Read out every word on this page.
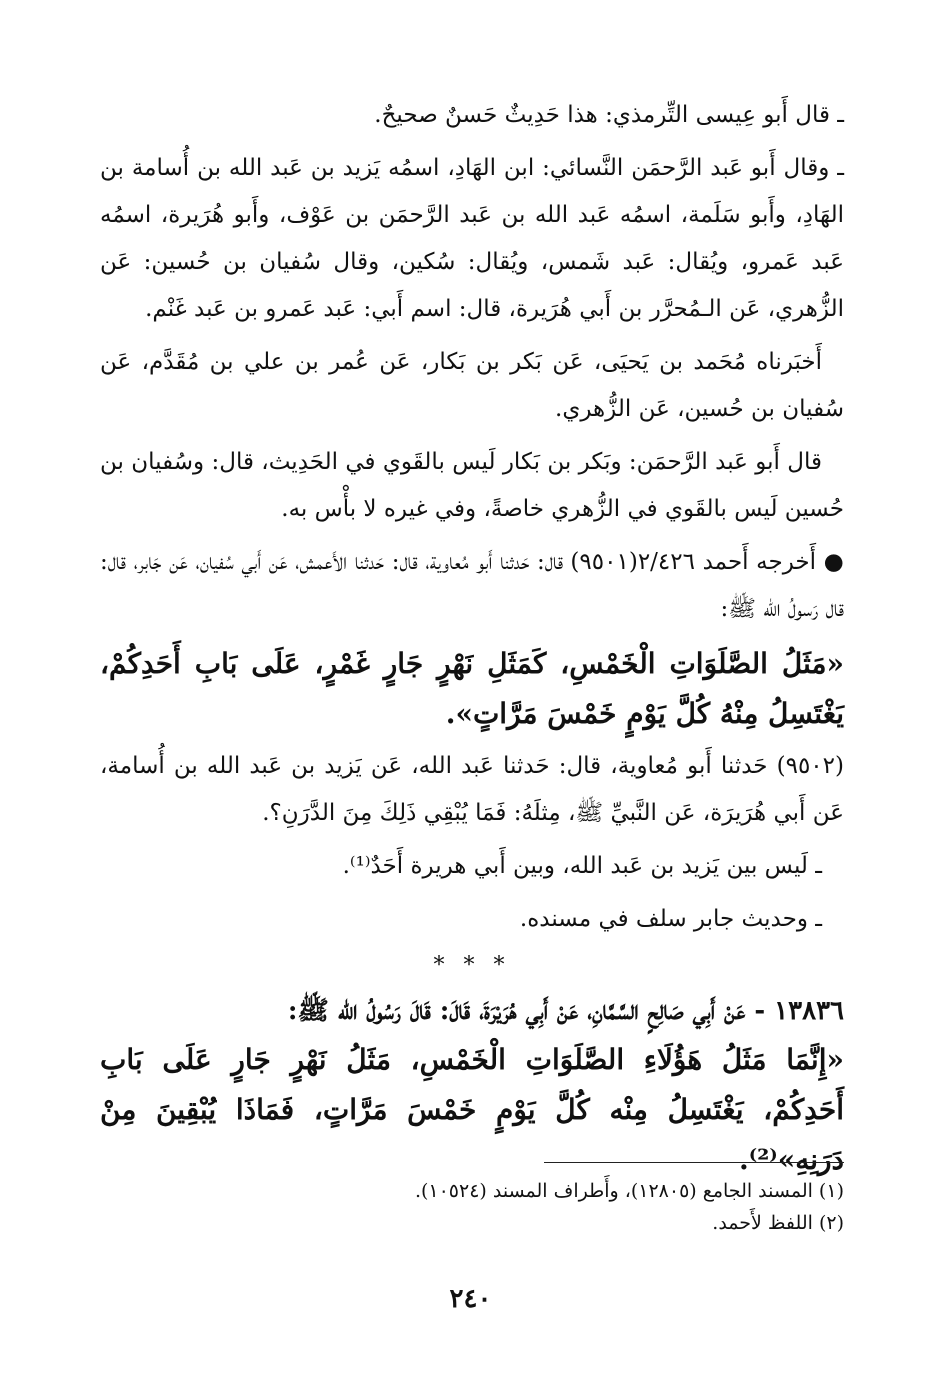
ـ قال أَبو عِيسى التِّرمذي: هذا حَدِيثٌ حَسنٌ صحيحٌ.

ـ وقال أَبو عَبد الرَّحمَن النَّسائي: ابن الهَادِ، اسمُه يَزيد بن عَبد الله بن أُسامة بن الهَادِ، وأَبو سَلَمة، اسمُه عَبد الله بن عَبد الرَّحمَن بن عَوْف، وأَبو هُرَيرة، اسمُه عَبد عَمرو، ويُقال: عَبد شَمس، ويُقال: سُكين، وقال سُفيان بن حُسين: عَن الزُّهري، عَن الـمُحرَّر بن أَبي هُرَيرة، قال: اسم أَبي: عَبد عَمرو بن عَبد غَنْم.

أَخبَرناه مُحَمد بن يَحيَى، عَن بَكر بن بَكار، عَن عُمر بن علي بن مُقَدَّم، عَن سُفيان بن حُسين، عَن الزُّهري.

قال أَبو عَبد الرَّحمَن: وبَكر بن بَكار لَيس بالقَوي في الحَدِيث، قال: وسُفيان بن حُسين لَيس بالقَوي في الزُّهري خاصةً، وفي غيره لا بأْس به.

● أَخرجه أَحمد ٢/٤٢٦(٩٥٠١) قال: حَدثنا أَبو مُعاوية، قال: حَدثنا الأَعمش، عَن أَبي سُفيان، عَن جَابر، قال: قال رَسولُ الله ﷺ:

«مَثَلُ الصَّلَوَاتِ الْخَمْسِ، كَمَثَلِ نَهْرٍ جَارٍ غَمْرٍ، عَلَى بَابِ أَحَدِكُمْ، يَغْتَسِلُ مِنْهُ كُلَّ يَوْمٍ خَمْسَ مَرَّاتٍ».

(٩٥٠٢) حَدثنا أَبو مُعاوية، قال: حَدثنا عَبد الله، عَن يَزيد بن عَبد الله بن أُسامة، عَن أَبي هُرَيرَة، عَن النَّبيِّ ﷺ، مِثلَهُ: فَمَا يُبْقِي ذَلِكَ مِنَ الدَّرَنِ؟.

ـ لَيس بين يَزيد بن عَبد الله، وبين أَبي هريرة أَحَدٌ⁽¹⁾.

ـ وحديث جابر سلف في مسنده.

* * *

١٣٨٣٦ - عَنْ أَبِي صَالِحٍ السَّمَّانِ، عَنْ أَبِي هُرَيْرَةَ، قَالَ: قَالَ رَسُولُ الله ﷺ:

«إِنَّمَا مَثَلُ هَؤُلَاءِ الصَّلَوَاتِ الْخَمْسِ، مَثَلُ نَهْرٍ جَارٍ عَلَى بَابِ أَحَدِكُمْ، يَغْتَسِلُ مِنْه كُلَّ يَوْمٍ خَمْسَ مَرَّاتٍ، فَمَاذَا يُبْقِينَ مِنْ دَرَنِهِ»⁽²⁾.

(١) المسند الجامع (١٢٨٠٥)، وأَطراف المسند (١٠٥٢٤).

(٢) اللفظ لأَحمد.

٢٤٠
